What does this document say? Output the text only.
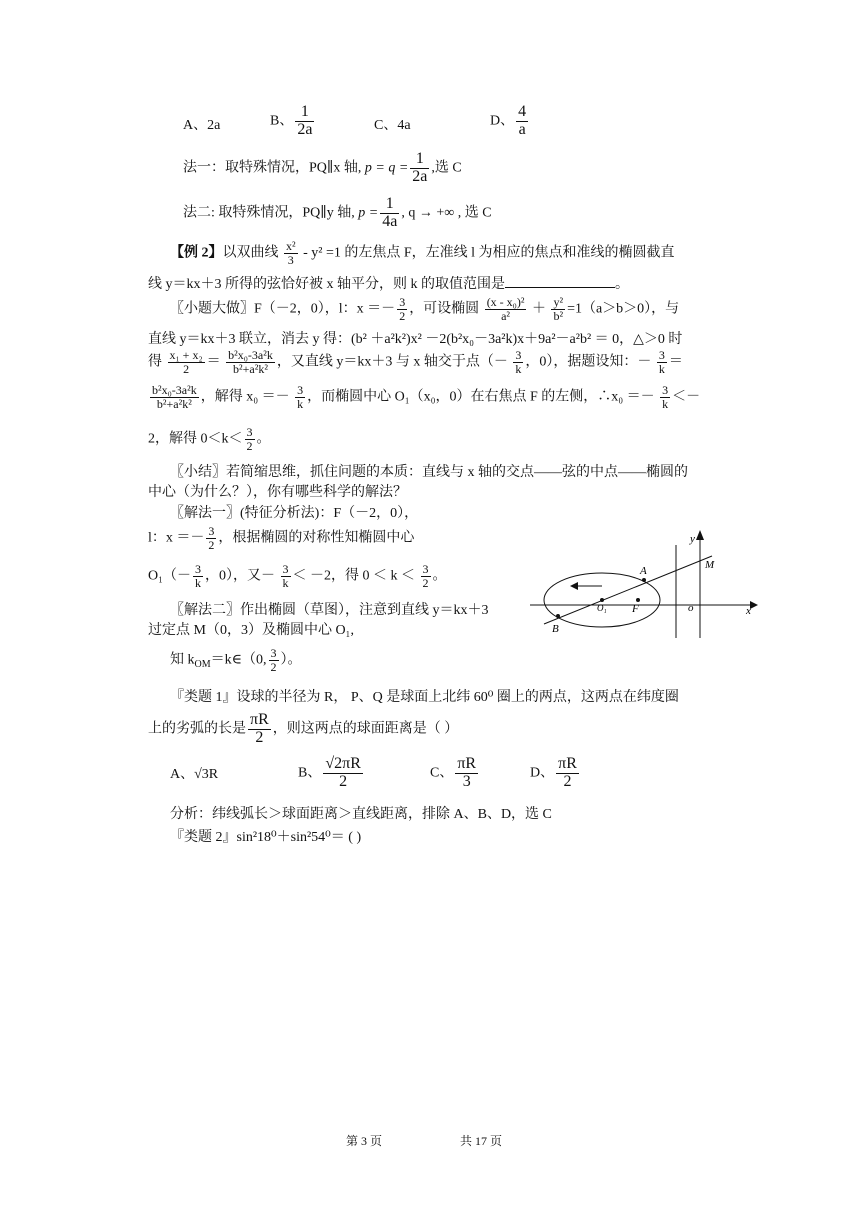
A、2a	B、 $\frac{1}{2a}$	C、4a	D、 $\frac{4}{a}$
法一：取特殊情况，PQ∥x 轴, $p = q = \frac{1}{2a}$ ,选 C
法二: 取特殊情况，PQ∥y 轴, $p = \frac{1}{4a}$ , q → +∞ , 选 C
【例 2】以双曲线 $\frac{\text{x²}}{3} - y^2 =1$ 的左焦点 F，左准线 l 为相应的焦点和准线的椭圆截直
线 y＝kx＋3 所得的弦恰好被 x 轴平分，则 k 的取值范围是	。
〖小题大做〗F（－2，0），l：$x =- \frac{3}{2}$ ，可设椭圆 $\frac{\text{(x - x₀)²}}{\text{a²}} + \frac{\text{y²}}{\text{b²}} =1(a>b>0)$，与
直线 y＝kx＋3 联立，消去 y 得：(b² ＋a²k²)x² －2(b²x₀－3a²k)x＋9a²－a²b² ＝ 0，△＞0 时
得 $\frac{\text{x₁ + x₂}}{2} = \frac{\text{b²x₀-3a²k}}{\text{b²+a²k²}}$ ，又直线 y＝kx＋3 与 x 轴交于点（－ $\frac{3}{k}$ ，0），据题设知：－ $\frac{3}{k}$ ＝
$\frac{\text{b²x₀-3a²k}}{\text{b²+a²k²}}$ ，解得 $x_0 =- \frac{3}{k}$ ，而椭圆中心 O₁（x₀，0）在右焦点 F 的左侧，∴x₀ ＝－ $\frac{3}{k}$ ＜－
2，解得 $0<k< \frac{3}{2}$ 。
〖小结〗若简缩思维，抓住问题的本质：直线与 x 轴的交点——弦的中点——椭圆的
中心（为什么？），你有哪些科学的解法？
〖解法一〗(特征分析法)：F（－2，0），
l：$x =- \frac{3}{2}$ ，根据椭圆的对称性知椭圆中心
$O_1(- \frac{3}{k}$ ，0），又－ $\frac{3}{k} < -2$，得 $0 < k < \frac{3}{2}$ 。
〖解法二〗作出椭圆（草图），注意到直线 y＝kx＋3
过定点 M（0，3）及椭圆中心 O₁,
知 $k_{OM}=k\in(0$, $\frac{3}{2}$ ）。
y
M
A
O₁ F	o	x
B
『类题 1』设球的半径为 R， P、Q 是球面上北纬 60⁰ 圈上的两点，这两点在纬度圈
上的劣弧的长是 $\frac{\pi R}{2}$ ，则这两点的球面距离是（ ）
A、√3R	B、 $\frac{√2\pi R}{2}$	C、 $\frac{\pi R}{3}$	D、 $\frac{\pi R}{2}$
分析：纬线弧长＞球面距离＞直线距离，排除 A、B、D，选 C
『类题 2』sin²18⁰＋sin²54⁰＝ ( )
第 3 页	共 17 页
